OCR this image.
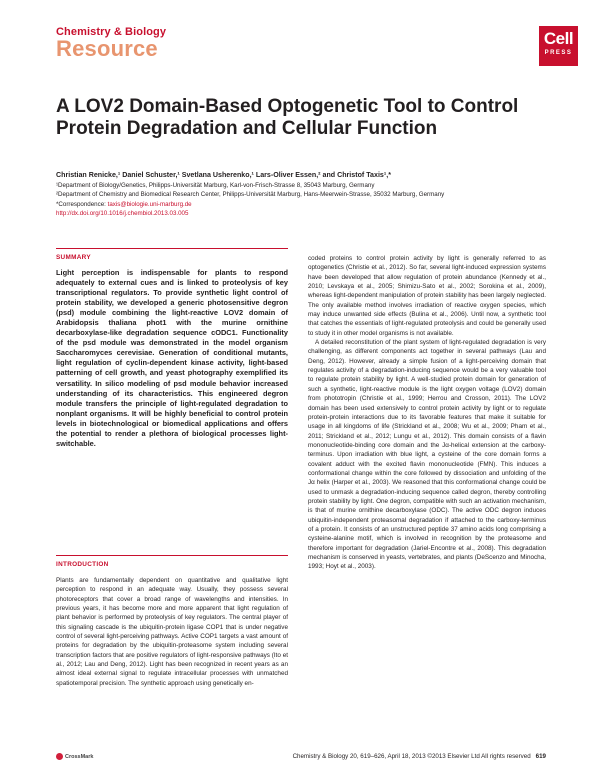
Chemistry & Biology
Resource	Cell
PRESS
A LOV2 Domain-Based Optogenetic Tool to Control Protein Degradation and Cellular Function
Christian Renicke,¹ Daniel Schuster,¹ Svetlana Usherenko,¹ Lars-Oliver Essen,² and Christof Taxis¹,*
¹Department of Biology/Genetics, Philipps-Universität Marburg, Karl-von-Frisch-Strasse 8, 35043 Marburg, Germany
²Department of Chemistry and Biomedical Research Center, Philipps-Universität Marburg, Hans-Meerwein-Strasse, 35032 Marburg, Germany
*Correspondence: taxis@biologie.uni-marburg.de
http://dx.doi.org/10.1016/j.chembiol.2013.03.005
SUMMARY

Light perception is indispensable for plants to respond adequately to external cues and is linked to proteolysis of key transcriptional regulators. To provide synthetic light control of protein stability, we developed a generic photosensitive degron (psd) module combining the light-reactive LOV2 domain of Arabidopsis thaliana phot1 with the murine ornithine decarboxylase-like degradation sequence cODC1. Functionality of the psd module was demonstrated in the model organism Saccharomyces cerevisiae. Generation of conditional mutants, light regulation of cyclin-dependent kinase activity, light-based patterning of cell growth, and yeast photography exemplified its versatility. In silico modeling of psd module behavior increased understanding of its characteristics. This engineered degron module transfers the principle of light-regulated degradation to nonplant organisms. It will be highly beneficial to control protein levels in biotechnological or biomedical applications and offers the potential to render a plethora of biological processes light-switchable.

INTRODUCTION

Plants are fundamentally dependent on quantitative and qualitative light perception to respond in an adequate way. Usually, they possess several photoreceptors that cover a broad range of wavelengths and intensities. In previous years, it has become more and more apparent that light regulation of plant behavior is performed by proteolysis of key regulators. The central player of this signaling cascade is the ubiquitin-protein ligase COP1 that is under negative control of several light-perceiving pathways. Active COP1 targets a vast amount of proteins for degradation by the ubiquitin-proteasome system including several transcription factors that are positive regulators of light-responsive pathways (Ito et al., 2012; Lau and Deng, 2012). Light has been recognized in recent years as an almost ideal external signal to regulate intracellular processes with unmatched spatiotemporal precision. The synthetic approach using genetically en-

coded proteins to control protein activity by light is generally referred to as optogenetics (Christie et al., 2012). So far, several light-induced expression systems have been developed that allow regulation of protein abundance (Kennedy et al., 2010; Levskaya et al., 2005; Shimizu-Sato et al., 2002; Sorokina et al., 2009), whereas light-dependent manipulation of protein stability has been largely neglected. The only available method involves irradiation of reactive oxygen species, which may induce unwanted side effects (Bulina et al., 2006). Until now, a synthetic tool that catches the essentials of light-regulated proteolysis and could be generally used to study it in other model organisms is not available.

A detailed reconstitution of the plant system of light-regulated degradation is very challenging, as different components act together in several pathways (Lau and Deng, 2012). However, already a simple fusion of a light-perceiving domain that regulates activity of a degradation-inducing sequence would be a very valuable tool to regulate protein stability by light. A well-studied protein domain for generation of such a synthetic, light-reactive module is the light oxygen voltage (LOV2) domain from phototropin (Christie et al., 1999; Herrou and Crosson, 2011). The LOV2 domain has been used extensively to control protein activity by light or to regulate protein-protein interactions due to its favorable features that make it suitable for usage in all kingdoms of life (Strickland et al., 2008; Wu et al., 2009; Pham et al., 2011; Strickland et al., 2012; Lungu et al., 2012). This domain consists of a flavin mononucleotide-binding core domain and the Jα-helical extension at the carboxy-terminus. Upon irradiation with blue light, a cysteine of the core domain forms a covalent adduct with the excited flavin mononucleotide (FMN). This induces a conformational change within the core followed by dissociation and unfolding of the Jα helix (Harper et al., 2003). We reasoned that this conformational change could be used to unmask a degradation-inducing sequence called degron, thereby controlling protein stability by light. One degron, compatible with such an activation mechanism, is that of murine ornithine decarboxylase (ODC). The active ODC degron induces ubiquitin-independent proteasomal degradation if attached to the carboxy-terminus of a protein. It consists of an unstructured peptide 37 amino acids long comprising a cysteine-alanine motif, which is involved in recognition by the proteasome and therefore important for degradation (Jariel-Encontre et al., 2008). This degradation mechanism is conserved in yeasts, vertebrates, and plants (DeScenzo and Minocha, 1993; Hoyt et al., 2003).

CrossMark	Chemistry & Biology 20, 619–626, April 18, 2013 ©2013 Elsevier Ltd All rights reserved 619
